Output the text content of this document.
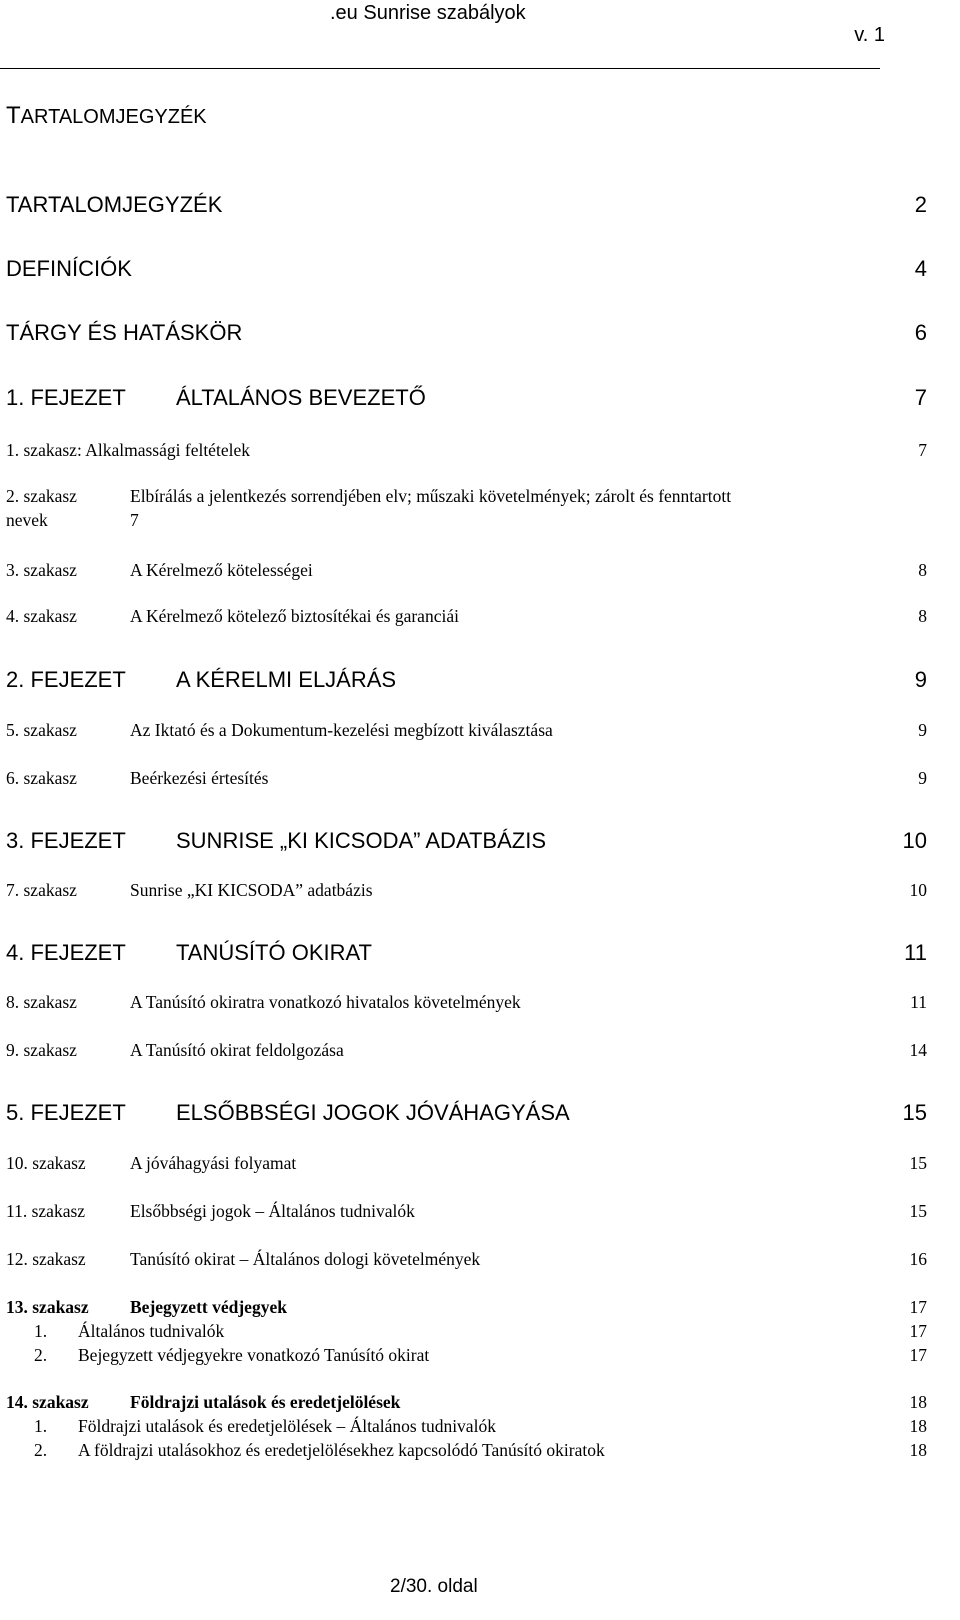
.eu Sunrise szabályok
v. 1
TARTALOMJEGYZÉK
TARTALOMJEGYZÉK	2
DEFINÍCIÓK	4
TÁRGY ÉS HATÁSKÖR	6
1. FEJEZET	ÁLTALÁNOS BEVEZETŐ	7
1. szakasz: Alkalmassági feltételek	7
2. szakasz	Elbírálás a jelentkezés sorrendjében elv; műszaki követelmények; zárolt és fenntartott
nevek	7
3. szakasz	A Kérelmező kötelességei	8
4. szakasz	A Kérelmező kötelező biztosítékai és garanciái	8
2. FEJEZET	A KÉRELMI ELJÁRÁS	9
5. szakasz	Az Iktató és a Dokumentum-kezelési megbízott kiválasztása	9
6. szakasz	Beérkezési értesítés	9
3. FEJEZET	SUNRISE „KI KICSODA” ADATBÁZIS	10
7. szakasz	Sunrise „KI KICSODA” adatbázis	10
4. FEJEZET	TANÚSÍTÓ OKIRAT	11
8. szakasz	A Tanúsító okiratra vonatkozó hivatalos követelmények	11
9. szakasz	A Tanúsító okirat feldolgozása	14
5. FEJEZET	ELSŐBBSÉGI JOGOK JÓVÁHAGYÁSA	15
10. szakasz	A jóváhagyási folyamat	15
11. szakasz	Elsőbbségi jogok – Általános tudnivalók	15
12. szakasz	Tanúsító okirat – Általános dologi követelmények	16
13. szakasz	Bejegyzett védjegyek	17
1.	Általános tudnivalók	17
2.	Bejegyzett védjegyekre vonatkozó Tanúsító okirat	17
14. szakasz	Földrajzi utalások és eredetjelölések	18
1.	Földrajzi utalások és eredetjelölések – Általános tudnivalók	18
2.	A földrajzi utalásokhoz és eredetjelölésekhez kapcsolódó Tanúsító okiratok	18
2/30. oldal
